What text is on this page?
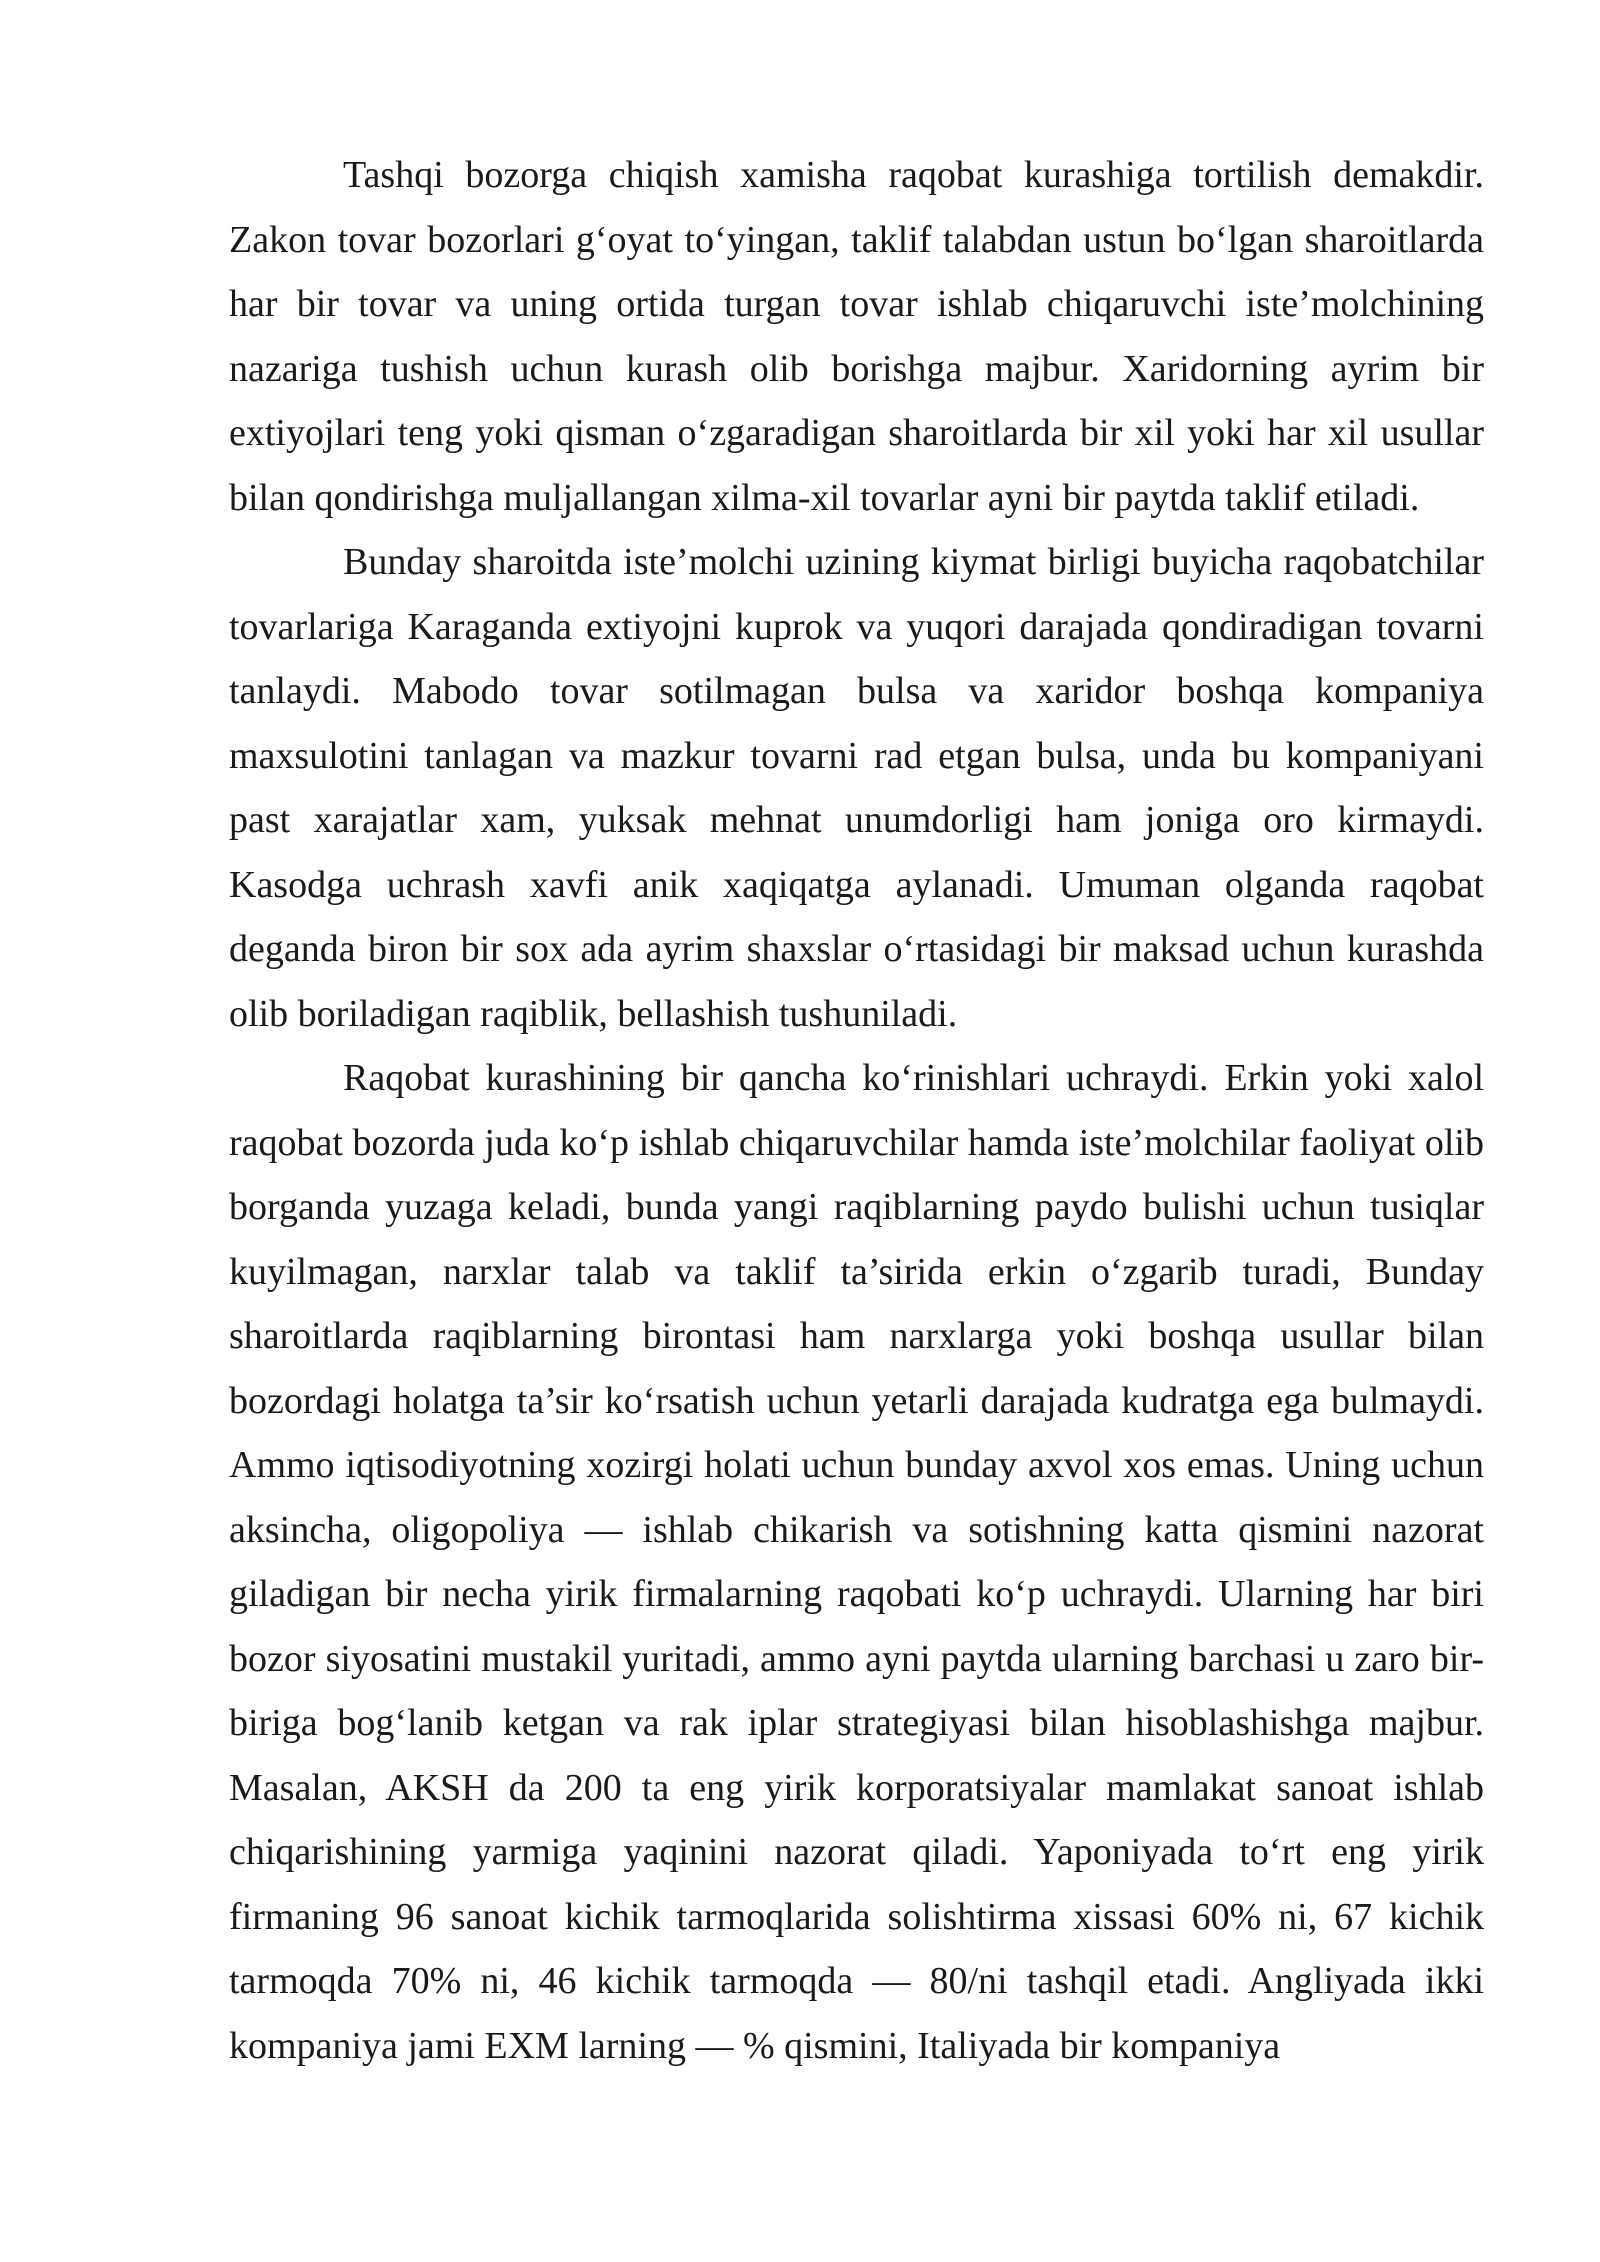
Tashqi bozorga chiqish xamisha raqobat kurashiga tortilish demakdir. Zakon tovar bozorlari g‘oyat to‘yingan, taklif talabdan ustun bo‘lgan sharoitlarda har bir tovar va uning ortida turgan tovar ishlab chiqaruvchi iste’molchining nazariga tushish uchun kurash olib borishga majbur. Xaridorning ayrim bir extiyojlari teng yoki qisman o‘zgaradigan sharoitlarda bir xil yoki har xil usullar bilan qondirishga muljallangan xilma-xil tovarlar ayni bir paytda taklif etiladi.

Bunday sharoitda iste’molchi uzining kiymat birligi buyicha raqobatchilar tovarlariga Karaganda extiyojni kuprok va yuqori darajada qondiradigan tovarni tanlaydi. Mabodo tovar sotilmagan bulsa va xaridor boshqa kompaniya maxsulotini tanlagan va mazkur tovarni rad etgan bulsa, unda bu kompaniyani past xarajatlar xam, yuksak mehnat unumdorligi ham joniga oro kirmaydi. Kasodga uchrash xavfi anik xaqiqatga aylanadi. Umuman olganda raqobat deganda biron bir sox ada ayrim shaxslar o‘rtasidagi bir maksad uchun kurashda olib boriladigan raqiblik, bellashish tushuniladi.

Raqobat kurashining bir qancha ko‘rinishlari uchraydi. Erkin yoki xalol raqobat bozorda juda ko‘p ishlab chiqaruvchilar hamda iste’molchilar faoliyat olib borganda yuzaga keladi, bunda yangi raqiblarning paydo bulishi uchun tusiqlar kuyilmagan, narxlar talab va taklif ta’sirida erkin o‘zgarib turadi, Bunday sharoitlarda raqiblarning birontasi ham narxlarga yoki boshqa usullar bilan bozordagi holatga ta’sir ko‘rsatish uchun yetarli darajada kudratga ega bulmaydi. Ammo iqtisodiyotning xozirgi holati uchun bunday axvol xos emas. Uning uchun aksincha, oligopoliya — ishlab chikarish va sotishning katta qismini nazorat giladigan bir necha yirik firmalarning raqobati ko‘p uchraydi. Ularning har biri bozor siyosatini mustakil yuritadi, ammo ayni paytda ularning barchasi u zaro bir-biriga bog‘lanib ketgan va rak iplar strategiyasi bilan hisoblashishga majbur. Masalan, AKSH da 200 ta eng yirik korporatsiyalar mamlakat sanoat ishlab chiqarishining yarmiga yaqinini nazorat qiladi. Yaponiyada to‘rt eng yirik firmaning 96 sanoat kichik tarmoqlarida solishtirma xissasi 60% ni, 67 kichik tarmoqda 70% ni, 46 kichik tarmoqda — 80/ni tashqil etadi. Angliyada ikki kompaniya jami EXM larning — % qismini, Italiyada bir kompaniya
